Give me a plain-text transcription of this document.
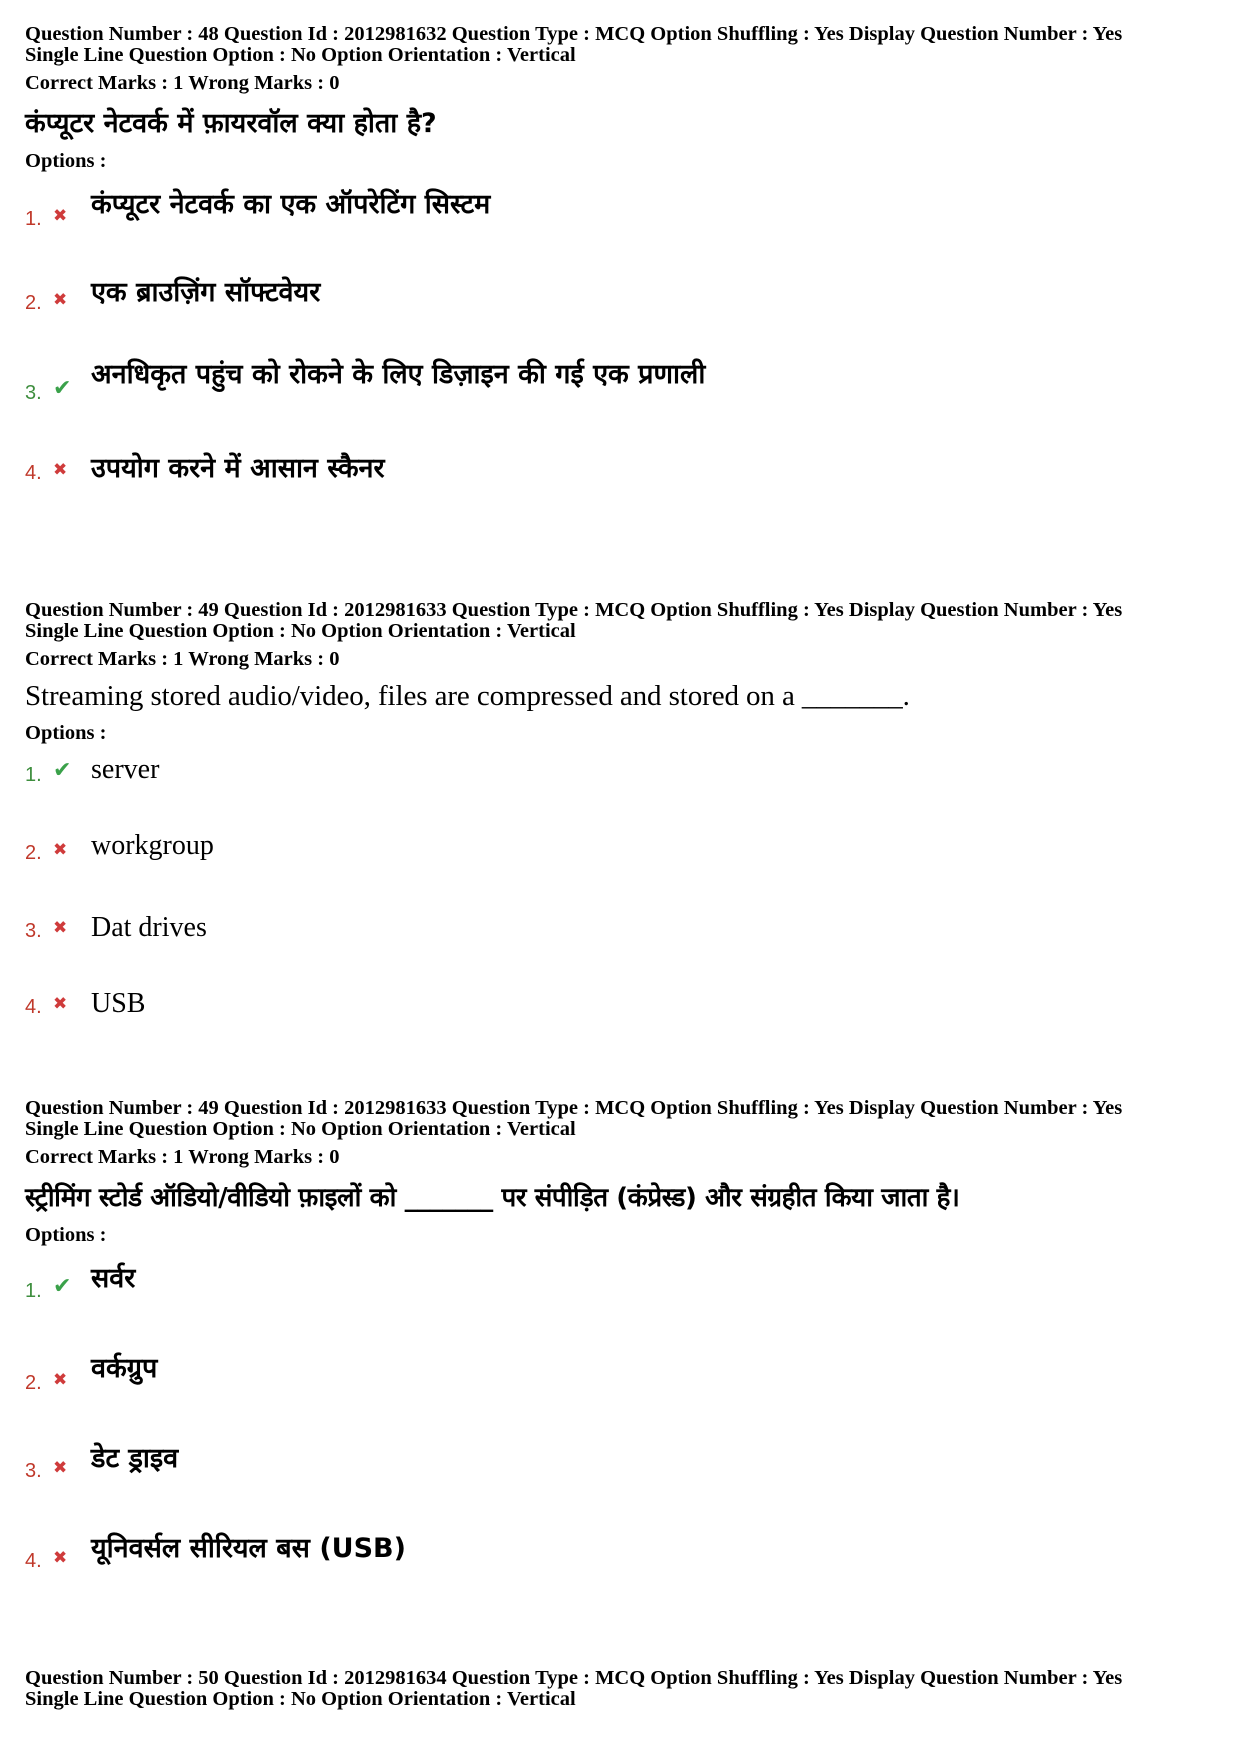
Question Number : 48 Question Id : 2012981632 Question Type : MCQ Option Shuffling : Yes Display Question Number : Yes

Single Line Question Option : No Option Orientation : Vertical

Correct Marks : 1 Wrong Marks : 0
कंप्यूटर नेटवर्क में फ़ायरवॉल क्या होता है?
Options :
कंप्यूटर नेटवर्क का एक ऑपरेटिंग सिस्टम
1. ✖
एक ब्राउज़िंग सॉफ्टवेयर
2. ✖
अनधिकृत पहुंच को रोकने के लिए डिज़ाइन की गई एक प्रणाली
3. ✔
उपयोग करने में आसान स्कैनर
4. ✖

Question Number : 49 Question Id : 2012981633 Question Type : MCQ Option Shuffling : Yes Display Question Number : Yes

Single Line Question Option : No Option Orientation : Vertical

Correct Marks : 1 Wrong Marks : 0
Streaming stored audio/video, files are compressed and stored on a _______.
Options :
server
1. ✔
workgroup
2. ✖
Dat drives
3. ✖
USB
4. ✖

Question Number : 49 Question Id : 2012981633 Question Type : MCQ Option Shuffling : Yes Display Question Number : Yes

Single Line Question Option : No Option Orientation : Vertical

Correct Marks : 1 Wrong Marks : 0
स्ट्रीमिंग स्टोर्ड ऑडियो/वीडियो फ़ाइलों को _______ पर संपीड़ित (कंप्रेस्ड) और संग्रहीत किया जाता है।
Options :
सर्वर
1. ✔
वर्कग्रुप
2. ✖
डेट ड्राइव
3. ✖
यूनिवर्सल सीरियल बस (USB)
4. ✖

Question Number : 50 Question Id : 2012981634 Question Type : MCQ Option Shuffling : Yes Display Question Number : Yes

Single Line Question Option : No Option Orientation : Vertical
